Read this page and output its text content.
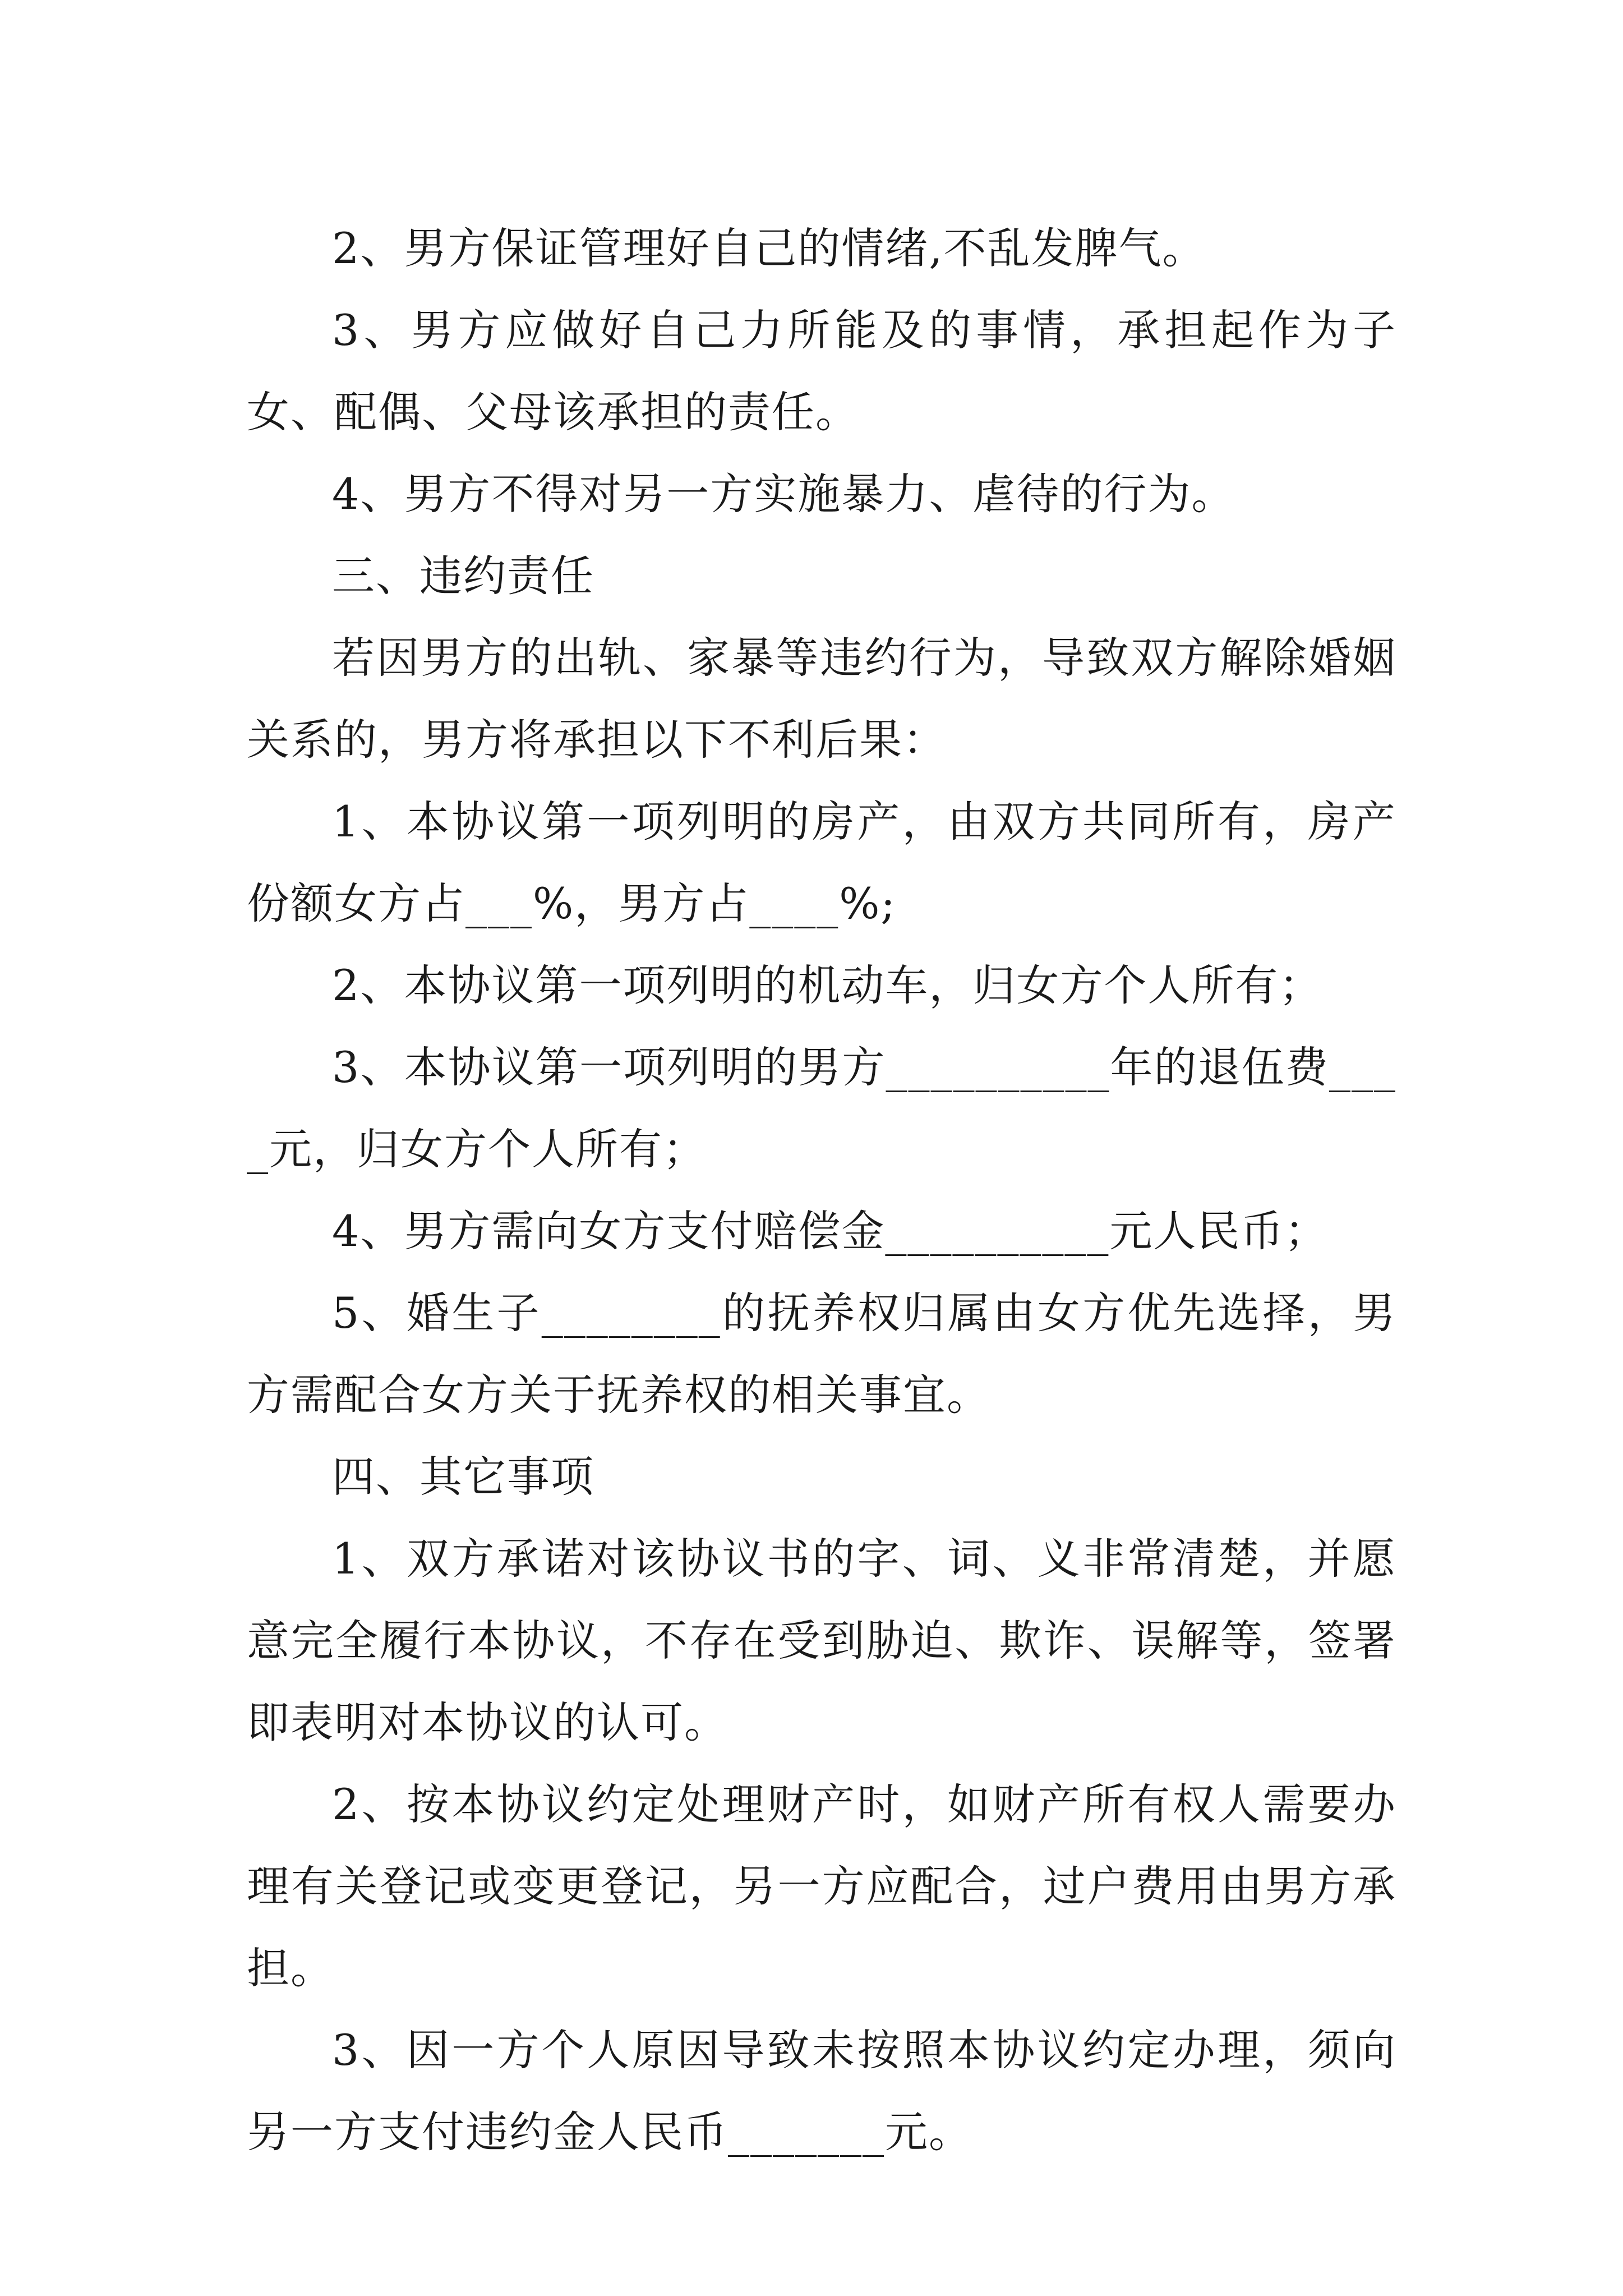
2、男方保证管理好自己的情绪,不乱发脾气。

3、男方应做好自己力所能及的事情，承担起作为子女、配偶、父母该承担的责任。

4、男方不得对另一方实施暴力、虐待的行为。

三、违约责任

若因男方的出轨、家暴等违约行为，导致双方解除婚姻关系的，男方将承担以下不利后果：

1、本协议第一项列明的房产，由双方共同所有，房产份额女方占___%，男方占____%;

2、本协议第一项列明的机动车，归女方个人所有；

3、本协议第一项列明的男方__________年的退伍费____元，归女方个人所有；

4、男方需向女方支付赔偿金__________元人民币；

5、婚生子________的抚养权归属由女方优先选择，男方需配合女方关于抚养权的相关事宜。

四、其它事项

1、双方承诺对该协议书的字、词、义非常清楚，并愿意完全履行本协议，不存在受到胁迫、欺诈、误解等，签署即表明对本协议的认可。

2、按本协议约定处理财产时，如财产所有权人需要办理有关登记或变更登记，另一方应配合，过户费用由男方承担。

3、因一方个人原因导致未按照本协议约定办理，须向另一方支付违约金人民币_______元。
